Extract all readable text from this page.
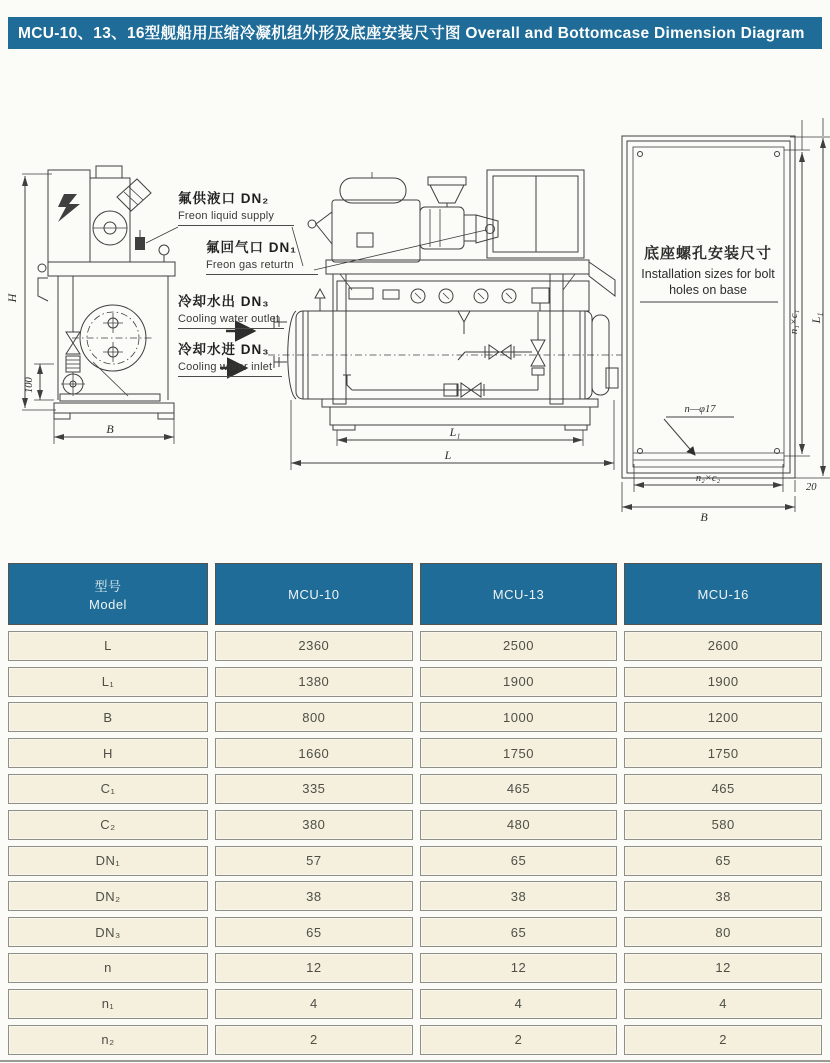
MCU-10、13、16型舰船用压缩冷凝机组外形及底座安装尺寸图 Overall and Bottomcase Dimension Diagram
H
100
B	L₁
L
底座螺孔安装尺寸
Installation sizes for bolt
holes on base
n—φ17
n₁×c₁ L₁
n₂×c₂
20
B
氟供液口 DN₂
Freon liquid supply
氟回气口 DN₁
Freon gas returtn
冷却水出 DN₃
Cooling water outlet
冷却水进 DN₃
Cooling water inlet
型号
Model
MCU-10	MCU-13	MCU-16
L	2360	2500	2600
L₁	1380	1900	1900
B	800	1000	1200
H	1660	1750	1750
C₁	335	465	465
C₂	380	480	580
DN₁	57	65	65
DN₂	38	38	38
DN₃	65	65	80
n	12	12	12
n₁	4	4	4
n₂	2	2	2
